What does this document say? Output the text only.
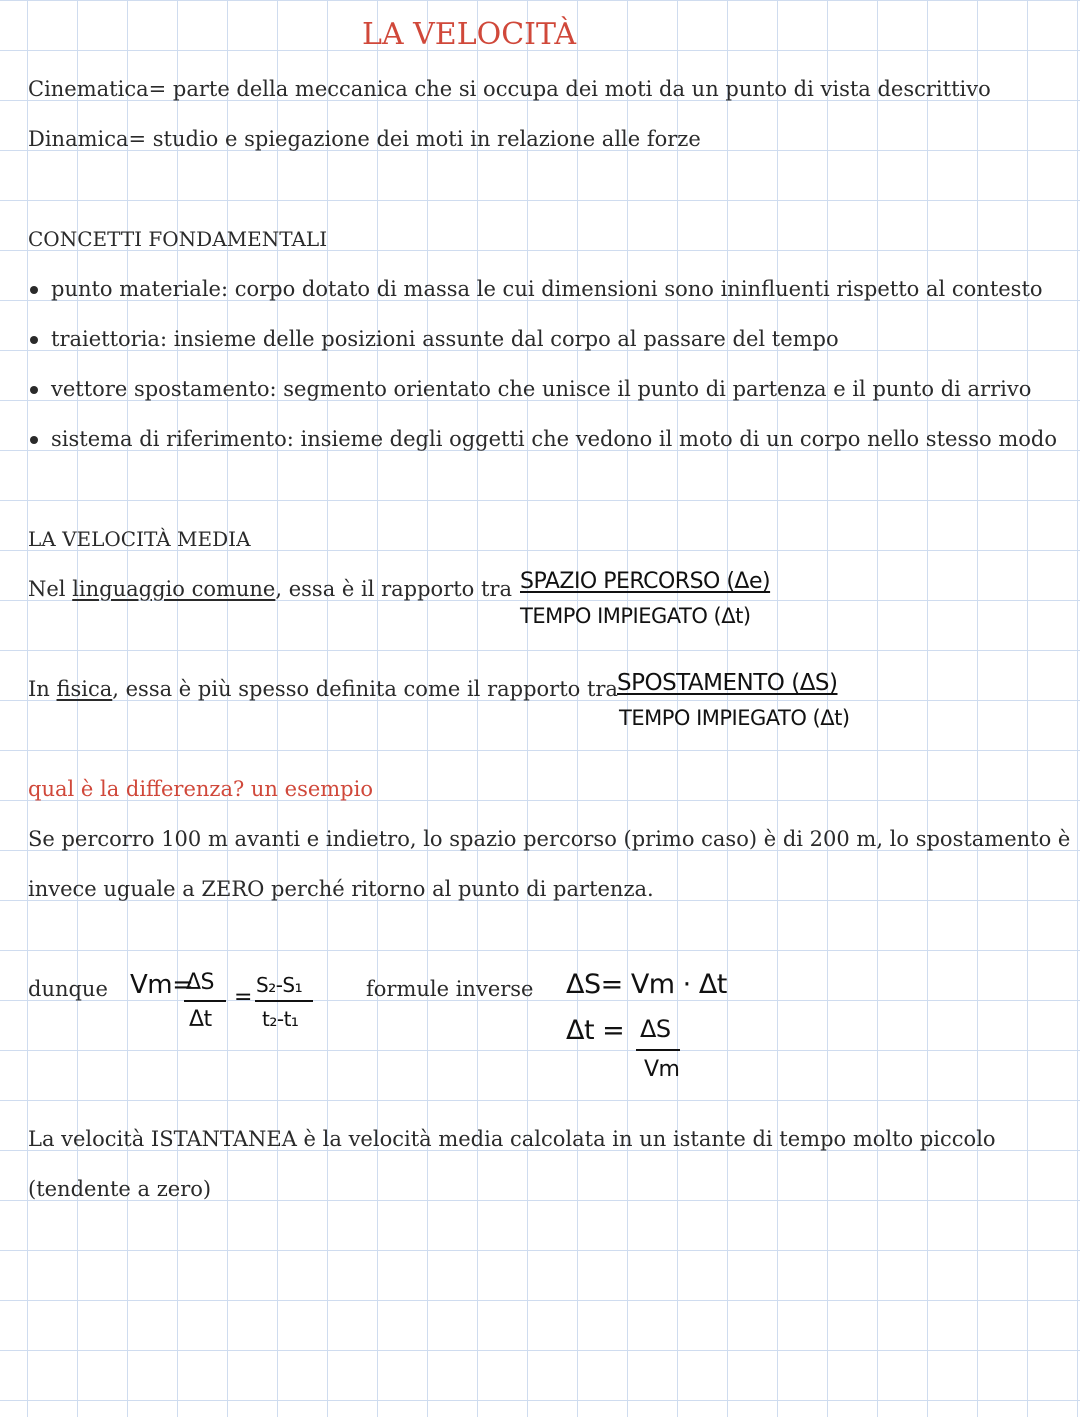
LA VELOCITÀ
Cinematica= parte della meccanica che si occupa dei moti da un punto di vista descrittivo
Dinamica= studio e spiegazione dei moti in relazione alle forze
CONCETTI FONDAMENTALI
punto materiale: corpo dotato di massa le cui dimensioni sono ininfluenti rispetto al contesto
traiettoria: insieme delle posizioni assunte dal corpo al passare del tempo
vettore spostamento: segmento orientato che unisce il punto di partenza e il punto di arrivo
sistema di riferimento: insieme degli oggetti che vedono il moto di un corpo nello stesso modo
LA VELOCITÀ MEDIA
Nel linguaggio comune, essa è il rapporto tra SPAZIO PERCORSO (Δe)
TEMPO IMPIEGATO (Δt)
In fisica, essa è più spesso definita come il rapporto tra SPOSTAMENTO (ΔS)
TEMPO IMPIEGATO (Δt)
qual è la differenza? un esempio
Se percorro 100 m avanti e indietro, lo spazio percorso (primo caso) è di 200 m, lo spostamento è
invece uguale a ZERO perché ritorno al punto di partenza.
dunque Vm=
ΔS
Δt
= S₂-S₁
t₂-t₁
formule inverse ΔS= Vm · Δt
Δt = ΔS
Vm
La velocità ISTANTANEA è la velocità media calcolata in un istante di tempo molto piccolo
(tendente a zero)
